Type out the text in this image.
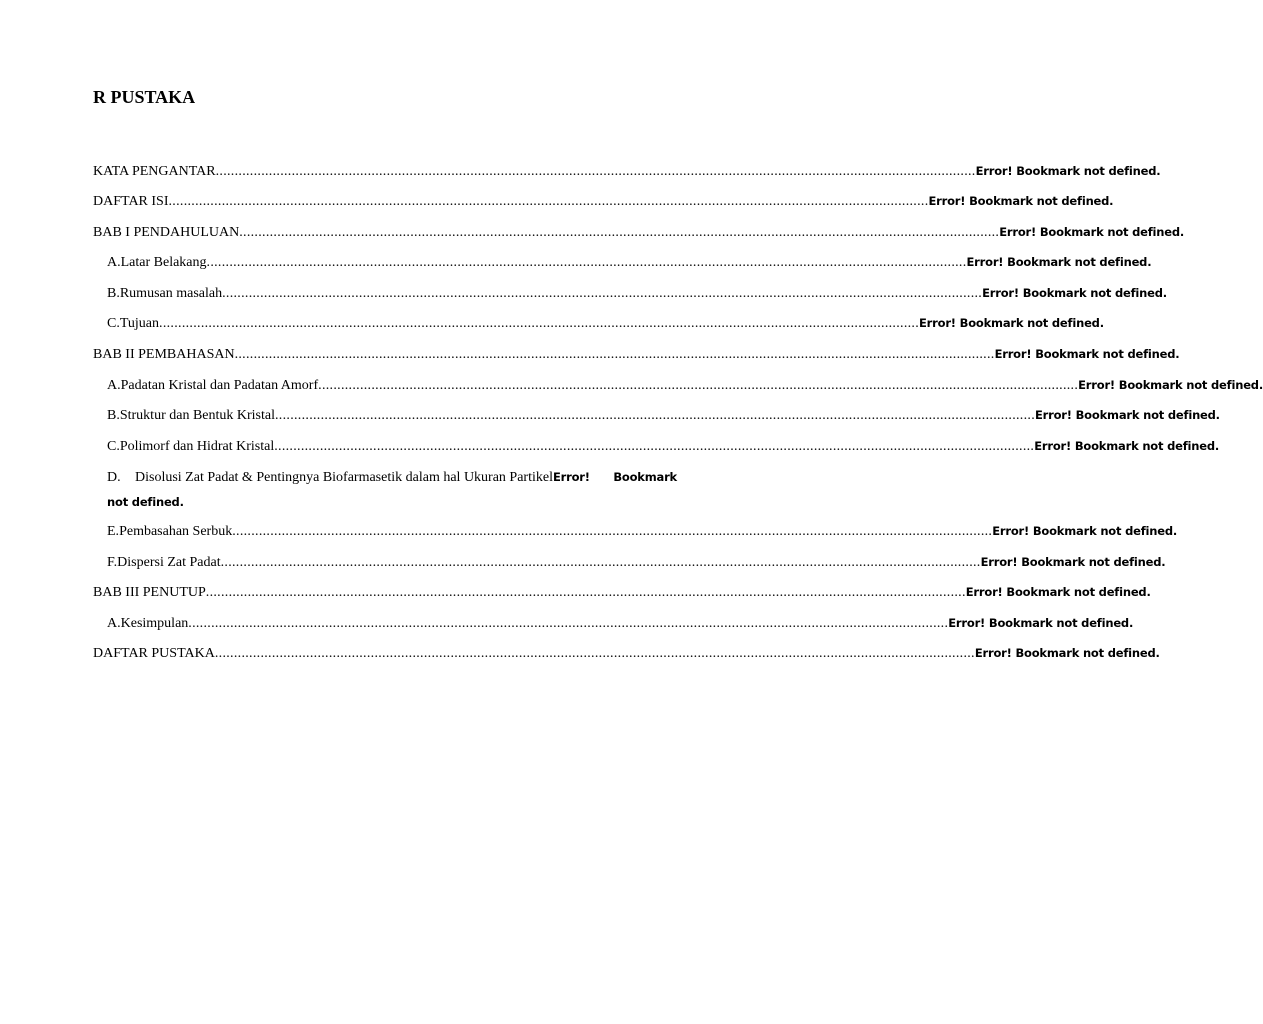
R PUSTAKA
KATA PENGANTAR ........................................................................................................................................................................................................ Error! Bookmark not defined.
DAFTAR ISI ........................................................................................................................................................................................................ Error! Bookmark not defined.
BAB I PENDAHULUAN ........................................................................................................................................................................................................ Error! Bookmark not defined.
A. Latar Belakang ........................................................................................................................................................................................................ Error! Bookmark not defined.
B. Rumusan masalah ........................................................................................................................................................................................................ Error! Bookmark not defined.
C. Tujuan ........................................................................................................................................................................................................ Error! Bookmark not defined.
BAB II PEMBAHASAN ........................................................................................................................................................................................................ Error! Bookmark not defined.
A. Padatan Kristal dan Padatan Amorf ........................................................................................................................................................................................................ Error! Bookmark not defined.
B. Struktur dan Bentuk Kristal ........................................................................................................................................................................................................ Error! Bookmark not defined.
C. Polimorf dan Hidrat Kristal ........................................................................................................................................................................................................ Error! Bookmark not defined.
D.	Disolusi Zat Padat & Pentingnya Biofarmasetik dalam hal Ukuran Partikel Error! Bookmark
not defined.
E. Pembasahan Serbuk ........................................................................................................................................................................................................ Error! Bookmark not defined.
F. Dispersi Zat Padat ........................................................................................................................................................................................................ Error! Bookmark not defined.
BAB III PENUTUP ........................................................................................................................................................................................................ Error! Bookmark not defined.
A. Kesimpulan ........................................................................................................................................................................................................ Error! Bookmark not defined.
DAFTAR PUSTAKA ........................................................................................................................................................................................................ Error! Bookmark not defined.
